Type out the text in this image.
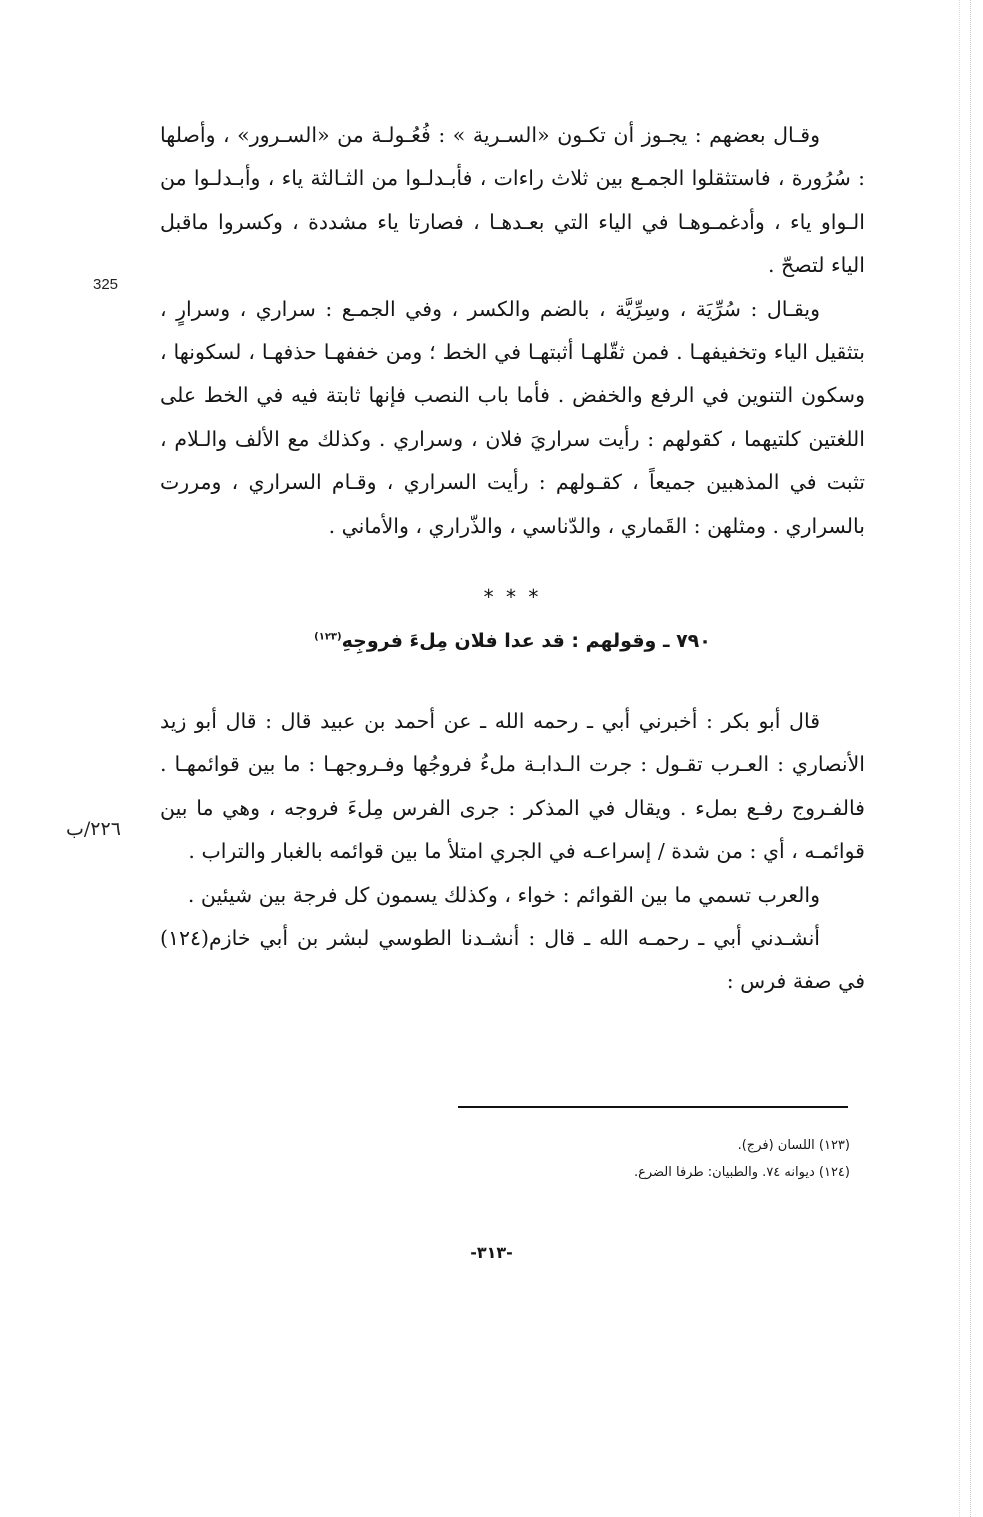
325
٢٢٦/ب

وقـال بعضهم : يجـوز أن تكـون «السـرية » : فُعُـولـة من «السـرور» ، وأصلها : سُرُورة ، فاستثقلوا الجمـع بين ثلاث راءات ، فأبـدلـوا من الثـالثة ياء ، وأبـدلـوا من الـواو ياء ، وأدغمـوهـا في الياء التي بعـدهـا ، فصارتا ياء مشددة ، وكسروا ماقبل الياء لتصحّ .

ويقـال : سُرِّيَة ، وسِرِّيَّة ، بالضم والكسر ، وفي الجمـع : سراري ، وسرارٍ ، بتثقيل الياء وتخفيفهـا . فمن ثقّلهـا أثبتهـا في الخط ؛ ومن خففهـا حذفهـا ، لسكونها ، وسكون التنوين في الرفع والخفض . فأما باب النصب فإنها ثابتة فيه في الخط على اللغتين كلتيهما ، كقولهم : رأيت سراريَ فلان ، وسراري . وكذلك مع الألف والـلام ، تثبت في المذهبين جميعاً ، كقـولهم : رأيت السراري ، وقـام السراري ، ومررت بالسراري . ومثلهن : القَماري ، والدّناسي ، والذّراري ، والأماني .

* * *
٧٩٠ ـ وقولهم : قد عدا فلان مِلءَ فروجِهِ$^{(١٢٣)}$

قال أبو بكر : أخبرني أبي ـ رحمه الله ـ عن أحمد بن عبيد قال : قال أبو زيد الأنصاري : العـرب تقـول : جرت الـدابـة ملءُ فروجُها وفـروجهـا : ما بين قوائمهـا . فالفـروج رفـع بملء . ويقال في المذكر : جرى الفرس مِلءَ فروجه ، وهي ما بين قوائمـه ، أي : من شدة / إسراعـه في الجري امتلأ ما بين قوائمه بالغبار والتراب .

والعرب تسمي ما بين القوائم : خواء ، وكذلك يسمون كل فرجة بين شيئين .

أنشـدني أبي ـ رحمـه الله ـ قال : أنشـدنا الطوسي لبشر بن أبي خازم(١٢٤) في صفة فرس :

(١٢٣) اللسان (فرج).
(١٢٤) ديوانه ٧٤. والطبيان: طرفا الضرع.
-٣١٣-
